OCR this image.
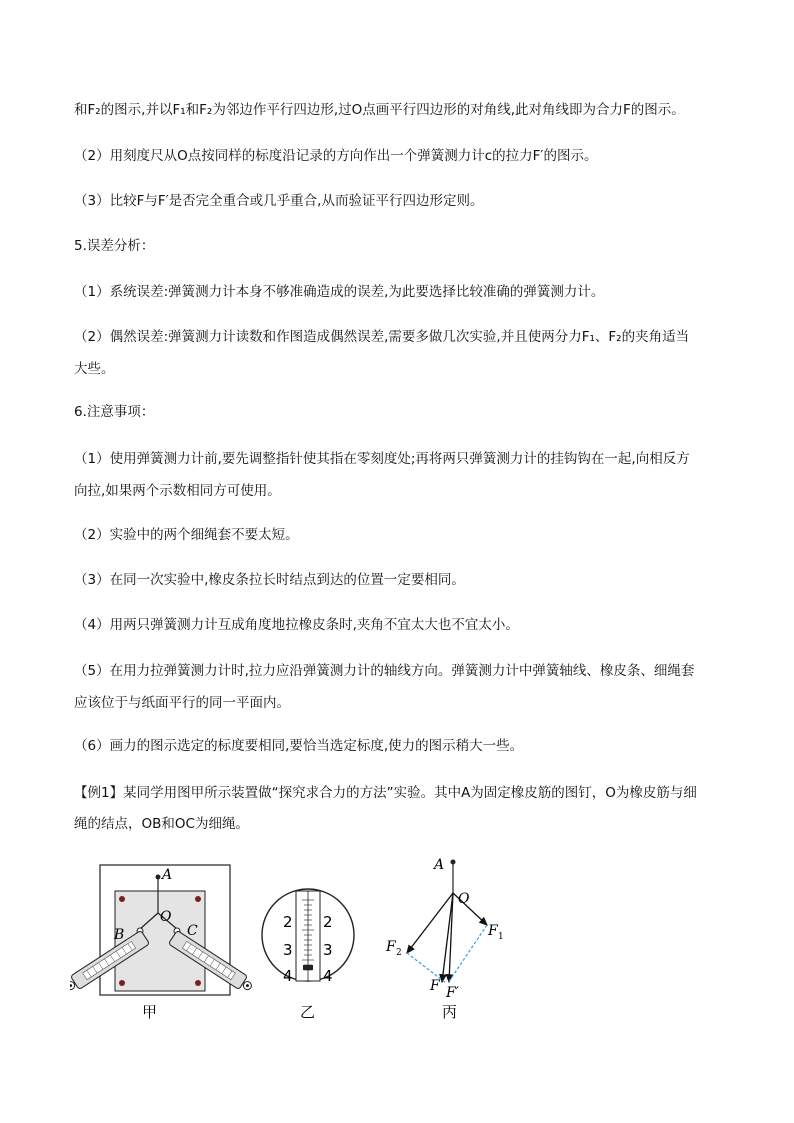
和F₂的图示,并以F₁和F₂为邻边作平行四边形,过O点画平行四边形的对角线,此对角线即为合力F的图示。
（2）用刻度尺从O点按同样的标度沿记录的方向作出一个弹簧测力计c的拉力F′的图示。
（3）比较F与F′是否完全重合或几乎重合,从而验证平行四边形定则。
5.误差分析：
（1）系统误差:弹簧测力计本身不够准确造成的误差,为此要选择比较准确的弹簧测力计。
（2）偶然误差:弹簧测力计读数和作图造成偶然误差,需要多做几次实验,并且使两分力F₁、F₂的夹角适当
大些。
6.注意事项：
（1）使用弹簧测力计前,要先调整指针使其指在零刻度处;再将两只弹簧测力计的挂钩钩在一起,向相反方
向拉,如果两个示数相同方可使用。
（2）实验中的两个细绳套不要太短。
（3）在同一次实验中,橡皮条拉长时结点到达的位置一定要相同。
（4）用两只弹簧测力计互成角度地拉橡皮条时,夹角不宜太大也不宜太小。
（5）在用力拉弹簧测力计时,拉力应沿弹簧测力计的轴线方向。弹簧测力计中弹簧轴线、橡皮条、细绳套
应该位于与纸面平行的同一平面内。
（6）画力的图示选定的标度要相同,要恰当选定标度,使力的图示稍大一些。
【例1】某同学用图甲所示装置做“探究求合力的方法”实验。其中A为固定橡皮筋的图钉，O为橡皮筋与细
绳的结点，OB和OC为细绳。
A
O
B	C
甲
2
3
4
2
3
4
乙
A
O
F 2
F 1
F F′
丙
